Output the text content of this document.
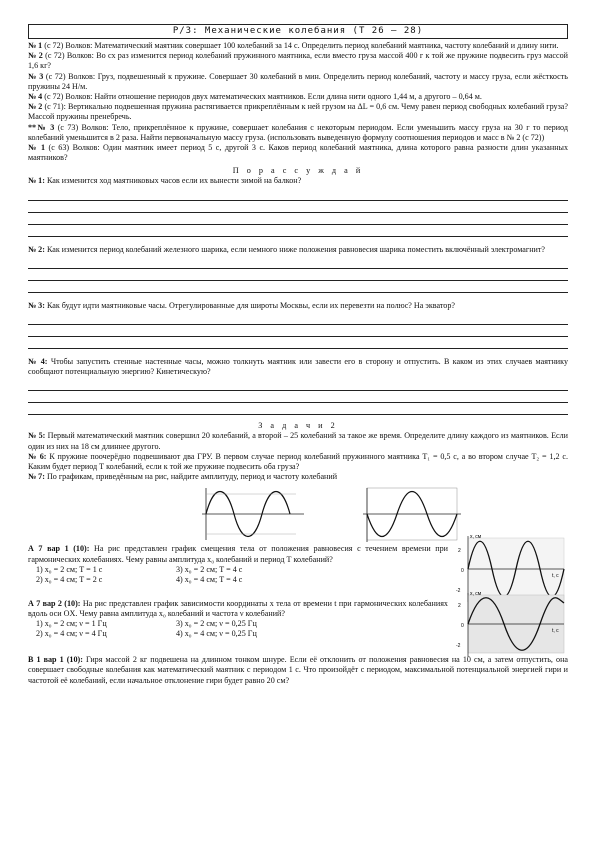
Р/З: Механические колебания (Т 26 – 28)

№ 1 (с 72) Волков: Математический маятник совершает 100 колебаний за 14 с. Определить период колебаний маятника, частоту колебаний и длину нити.

№ 2 (с 72) Волков: Во сх раз изменится период колебаний пружинного маятника, если вместо груза массой 400 г к той же пружине подвесить груз массой 1,6 кг?

№ 3 (с 72) Волков: Груз, подвешенный к пружине. Совершает 30 колебаний в мин. Определить период колебаний, частоту и массу груза, если жёсткость пружины 24 Н/м.

№ 4 (с 72) Волков: Найти отношение периодов двух математических маятников. Если длина нити одного 1,44 м, а другого – 0,64 м.

№ 2 (с 71): Вертикально подвешенная пружина растягивается прикреплённым к ней грузом на ΔL = 0,6 см. Чему равен период свободных колебаний груза? Массой пружины пренебречь.

**№ 3 (с 73) Волков: Тело, прикреплённое к пружине, совершает колебания с некоторым периодом. Если уменьшить массу груза на 30 г то период колебаний уменьшится в 2 раза. Найти первоначальную массу груза. (использовать выведенную формулу соотношения периодов и масс в № 2 (с 72))

№ 1 (с 63) Волков: Один маятник имеет период 5 с, другой 3 с. Каков период колебаний маятника, длина которого равна разности длин указанных маятников?

П о р а с с у ж д а й

№ 1: Как изменится ход маятниковых часов если их вынести зимой на балкон?

№ 2: Как изменится период колебаний железного шарика, если немного ниже положения равновесия шарика поместить включённый электромагнит?

№ 3: Как будут идти маятниковые часы. Отрегулированные для широты Москвы, если их перевезти на полюс? На экватор?

№ 4: Чтобы запустить стенные настенные часы, можно толкнуть маятник или завести его в сторону и отпустить. В каком из этих случаев маятнику сообщают потенциальную энергию? Кинетическую?

З а д а ч и 2

№ 5: Первый математический маятник совершил 20 колебаний, а второй – 25 колебаний за такое же время. Определите длину каждого из маятников. Если один из них на 18 см длиннее другого.

№ 6: К пружине поочерёдно подвешивают два ГРУ. В первом случае период колебаний пружинного маятника T₁ = 0,5 с, а во втором случае T₂ = 1,2 с. Каким будет период Т колебаний, если к той же пружине подвесить оба груза?

№ 7: По графикам, приведённым на рис, найдите амплитуду, период и частоту колебаний

А 7 вар 1 (10): На рис представлен график смещения тела от положения равновесия с течением времени при гармонических колебаниях. Чему равны амплитуда x₀ колебаний и период Т колебаний?

1) x₀ = 2 см; T = 1 с	3) x₀ = 2 см; T = 4 с
2) x₀ = 4 см; T = 2 с	4) x₀ = 4 см; T = 4 с
x, см
2
0
-2
t, с

А 7 вар 2 (10): На рис представлен график зависимости координаты х тела от времени t при гармонических колебаниях вдоль оси OX. Чему равна амплитуда x₀ колебаний и частота ν колебаний?

1) x₀ = 2 см; ν = 1 Гц	3) x₀ = 2 см; ν = 0,25 Гц
2) x₀ = 4 см; ν = 4 Гц	4) x₀ = 4 см; ν = 0,25 Гц
x, см
2
0
-2
t, с

В 1 вар 1 (10): Гиря массой 2 кг подвешена на длинном тонком шнуре. Если её отклонить от положения равновесия на 10 см, а затем отпустить, она совершает свободные колебания как математический маятник с периодом 1 с. Что произойдёт с периодом, максимальной потенциальной энергией гири и частотой её колебаний, если начальное отклонение гири будет равно 20 см?
